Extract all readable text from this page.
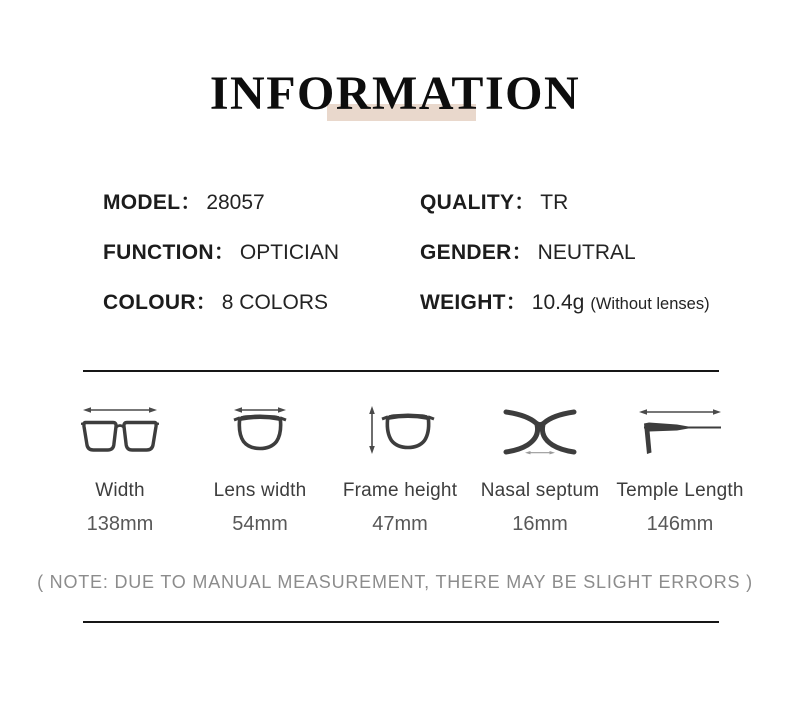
INFORMATION
MODEL： 28057
FUNCTION： OPTICIAN
COLOUR： 8 COLORS
QUALITY： TR
GENDER： NEUTRAL
WEIGHT： 10.4g (Without lenses)
Width
138mm
Lens width
54mm
Frame height
47mm
Nasal septum
16mm
Temple Length
146mm
( NOTE: DUE TO MANUAL MEASUREMENT, THERE MAY BE SLIGHT ERRORS )
